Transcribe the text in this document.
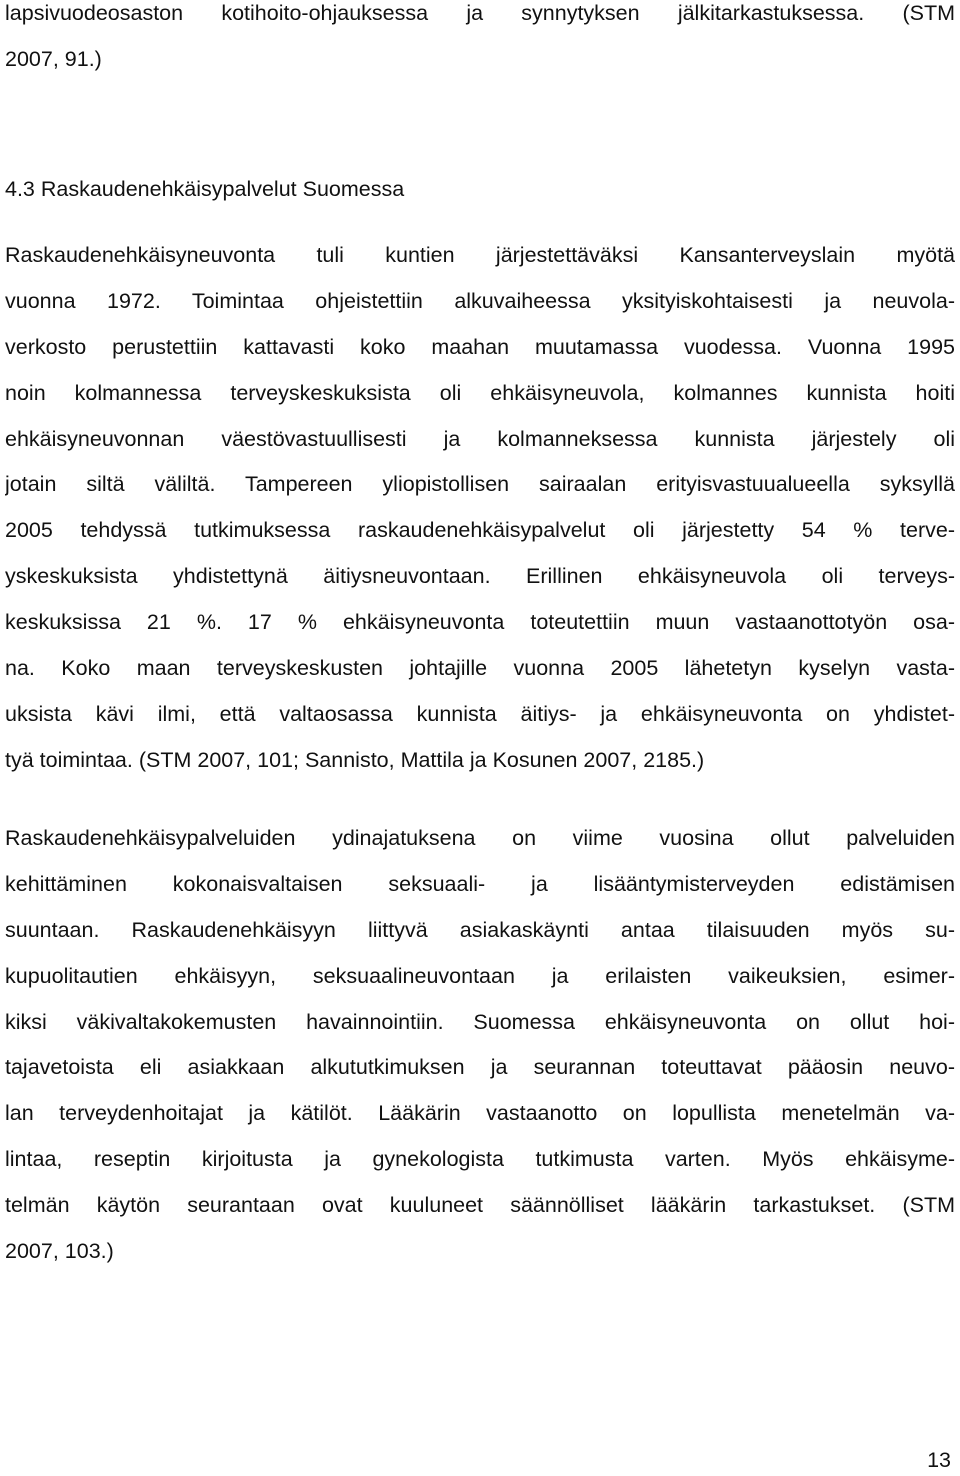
lapsivuodeosaston kotihoito-ohjauksessa ja synnytyksen jälkitarkastuksessa. (STM
2007, 91.)
4.3 Raskaudenehkäisypalvelut Suomessa
Raskaudenehkäisyneuvonta tuli kuntien järjestettäväksi Kansanterveyslain myötä
vuonna 1972. Toimintaa ohjeistettiin alkuvaiheessa yksityiskohtaisesti ja neuvola-
verkosto perustettiin kattavasti koko maahan muutamassa vuodessa. Vuonna 1995
noin kolmannessa terveyskeskuksista oli ehkäisyneuvola, kolmannes kunnista hoiti
ehkäisyneuvonnan väestövastuullisesti ja kolmanneksessa kunnista järjestely oli
jotain siltä väliltä. Tampereen yliopistollisen sairaalan erityisvastuualueella syksyllä
2005 tehdyssä tutkimuksessa raskaudenehkäisypalvelut oli järjestetty 54 % terve-
yskeskuksista yhdistettynä äitiysneuvontaan. Erillinen ehkäisyneuvola oli terveys-
keskuksissa 21 %. 17 % ehkäisyneuvonta toteutettiin muun vastaanottotyön osa-
na. Koko maan terveyskeskusten johtajille vuonna 2005 lähetetyn kyselyn vasta-
uksista kävi ilmi, että valtaosassa kunnista äitiys- ja ehkäisyneuvonta on yhdistet-
tyä toimintaa. (STM 2007, 101; Sannisto, Mattila ja Kosunen 2007, 2185.)
Raskaudenehkäisypalveluiden ydinajatuksena on viime vuosina ollut palveluiden
kehittäminen kokonaisvaltaisen seksuaali- ja lisääntymisterveyden edistämisen
suuntaan. Raskaudenehkäisyyn liittyvä asiakaskäynti antaa tilaisuuden myös su-
kupuolitautien ehkäisyyn, seksuaalineuvontaan ja erilaisten vaikeuksien, esimer-
kiksi väkivaltakokemusten havainnointiin. Suomessa ehkäisyneuvonta on ollut hoi-
tajavetoista eli asiakkaan alkututkimuksen ja seurannan toteuttavat pääosin neuvo-
lan terveydenhoitajat ja kätilöt. Lääkärin vastaanotto on lopullista menetelmän va-
lintaa, reseptin kirjoitusta ja gynekologista tutkimusta varten. Myös ehkäisyme-
telmän käytön seurantaan ovat kuuluneet säännölliset lääkärin tarkastukset. (STM
2007, 103.)
13
